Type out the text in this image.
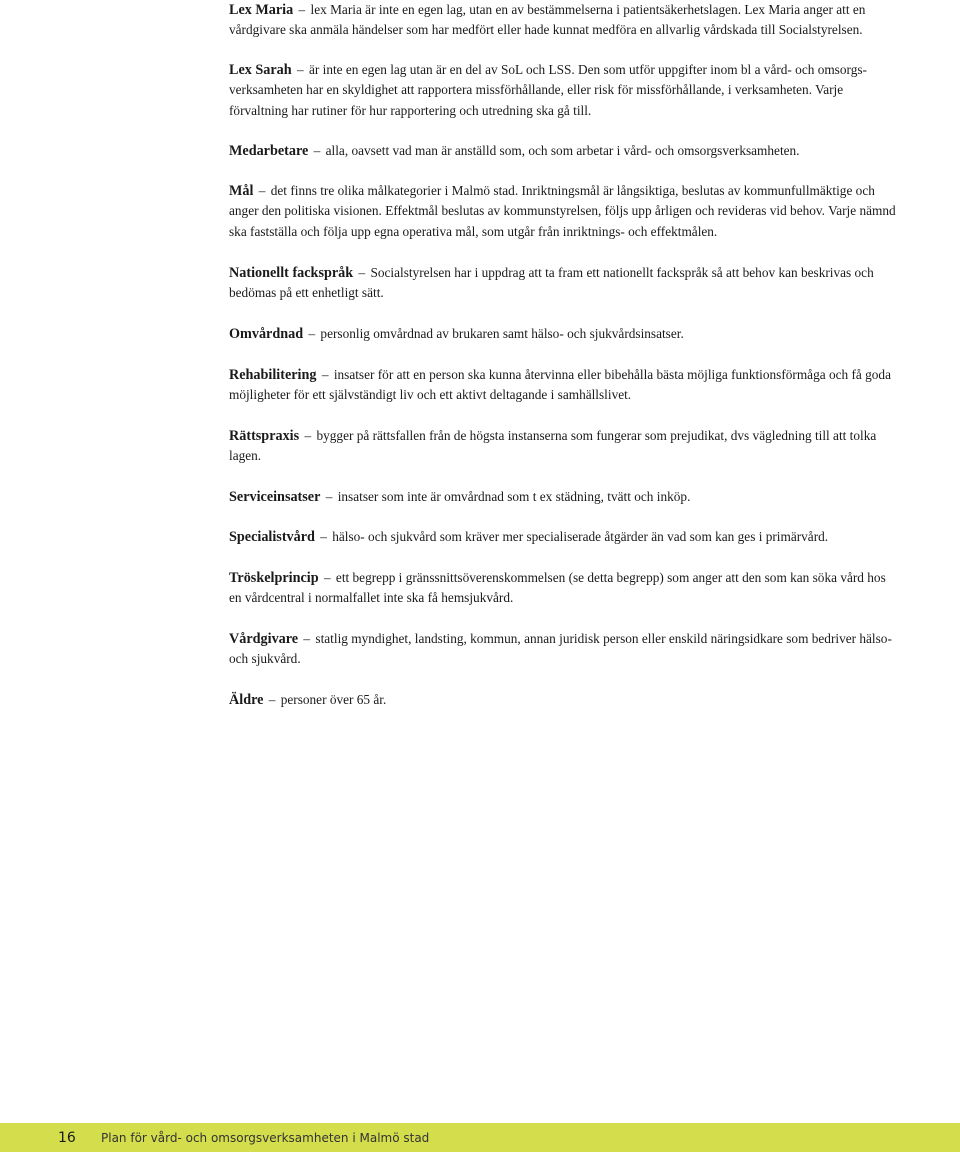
Lex Maria – lex Maria är inte en egen lag, utan en av bestämmelserna i patientsäkerhetslagen. Lex Maria anger att en vårdgivare ska anmäla händelser som har medfört eller hade kunnat medföra en allvarlig vårdskada till Socialstyrelsen.

Lex Sarah – är inte en egen lag utan är en del av SoL och LSS. Den som utför uppgifter inom bl a vård- och omsorgs-verksamheten har en skyldighet att rapportera missförhållande, eller risk för missförhållande, i verksamheten. Varje förvaltning har rutiner för hur rapportering och utredning ska gå till.

Medarbetare – alla, oavsett vad man är anställd som, och som arbetar i vård- och omsorgsverksamheten.

Mål – det finns tre olika målkategorier i Malmö stad. Inriktningsmål är långsiktiga, beslutas av kommunfullmäktige och anger den politiska visionen. Effektmål beslutas av kommunstyrelsen, följs upp årligen och revideras vid behov. Varje nämnd ska fastställa och följa upp egna operativa mål, som utgår från inriktnings- och effektmålen.

Nationellt fackspråk – Socialstyrelsen har i uppdrag att ta fram ett nationellt fackspråk så att behov kan beskrivas och bedömas på ett enhetligt sätt.

Omvårdnad – personlig omvårdnad av brukaren samt hälso- och sjukvårdsinsatser.

Rehabilitering – insatser för att en person ska kunna återvinna eller bibehålla bästa möjliga funktionsförmåga och få goda möjligheter för ett självständigt liv och ett aktivt deltagande i samhällslivet.

Rättspraxis – bygger på rättsfallen från de högsta instanserna som fungerar som prejudikat, dvs vägledning till att tolka lagen.

Serviceinsatser – insatser som inte är omvårdnad som t ex städning, tvätt och inköp.

Specialistvård – hälso- och sjukvård som kräver mer specialiserade åtgärder än vad som kan ges i primärvård.

Tröskelprincip – ett begrepp i gränssnittsöverenskommelsen (se detta begrepp) som anger att den som kan söka vård hos en vårdcentral i normalfallet inte ska få hemsjukvård.

Vårdgivare – statlig myndighet, landsting, kommun, annan juridisk person eller enskild näringsidkare som bedriver hälso- och sjukvård.

Äldre – personer över 65 år.

16 Plan för vård- och omsorgsverksamheten i Malmö stad
